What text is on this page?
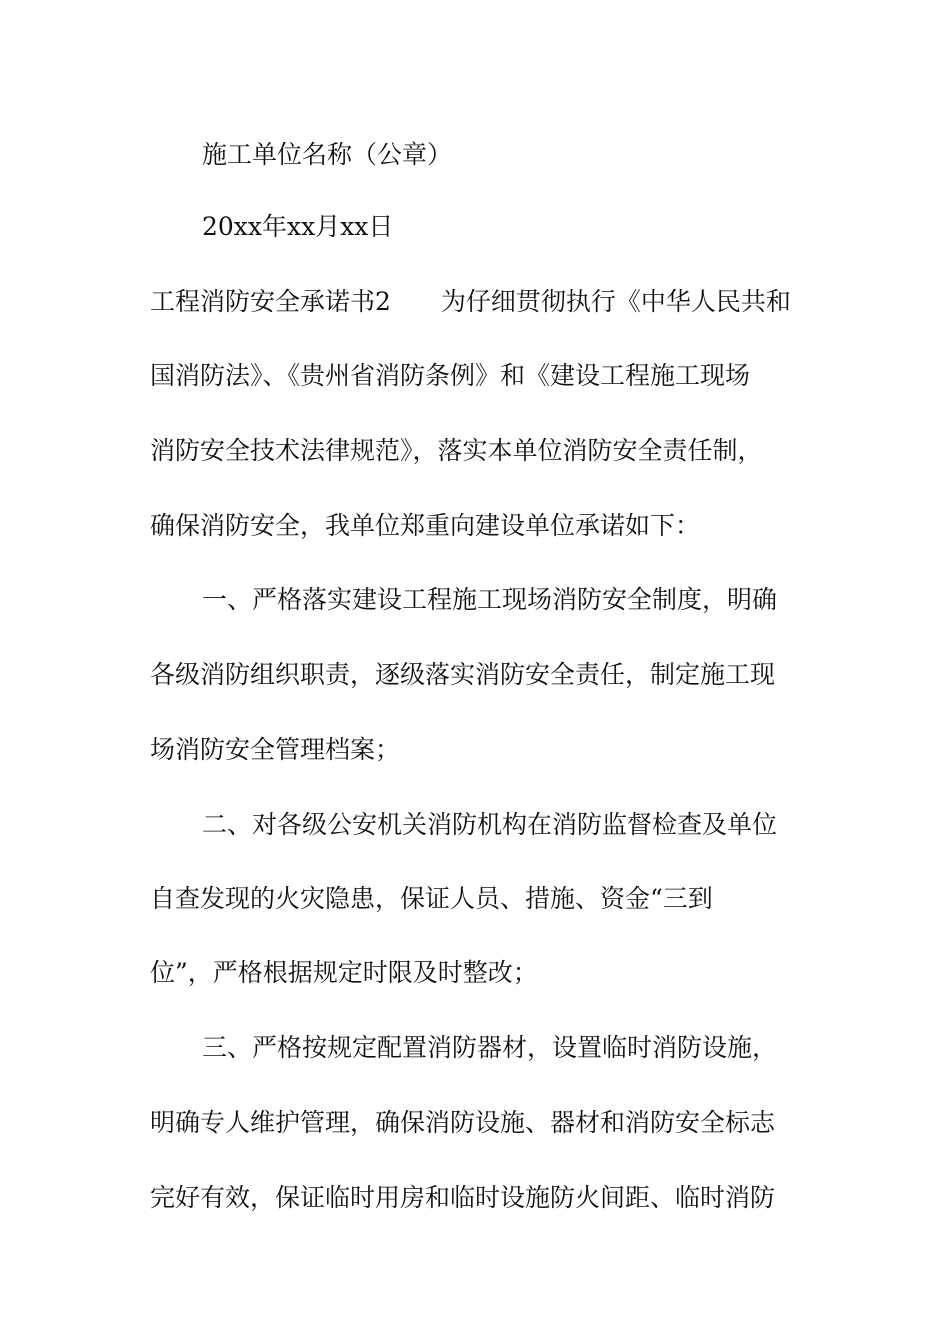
施工单位名称（公章）
20xx年xx月xx日
工程消防安全承诺书2　　为仔细贯彻执行《中华人民共和
国消防法》、《贵州省消防条例》和《建设工程施工现场
消防安全技术法律规范》，落实本单位消防安全责任制，
确保消防安全，我单位郑重向建设单位承诺如下：
一、严格落实建设工程施工现场消防安全制度，明确
各级消防组织职责，逐级落实消防安全责任，制定施工现
场消防安全管理档案；
二、对各级公安机关消防机构在消防监督检查及单位
自查发现的火灾隐患，保证人员、措施、资金“三到
位”，严格根据规定时限及时整改；
三、严格按规定配置消防器材，设置临时消防设施，
明确专人维护管理，确保消防设施、器材和消防安全标志
完好有效，保证临时用房和临时设施防火间距、临时消防
